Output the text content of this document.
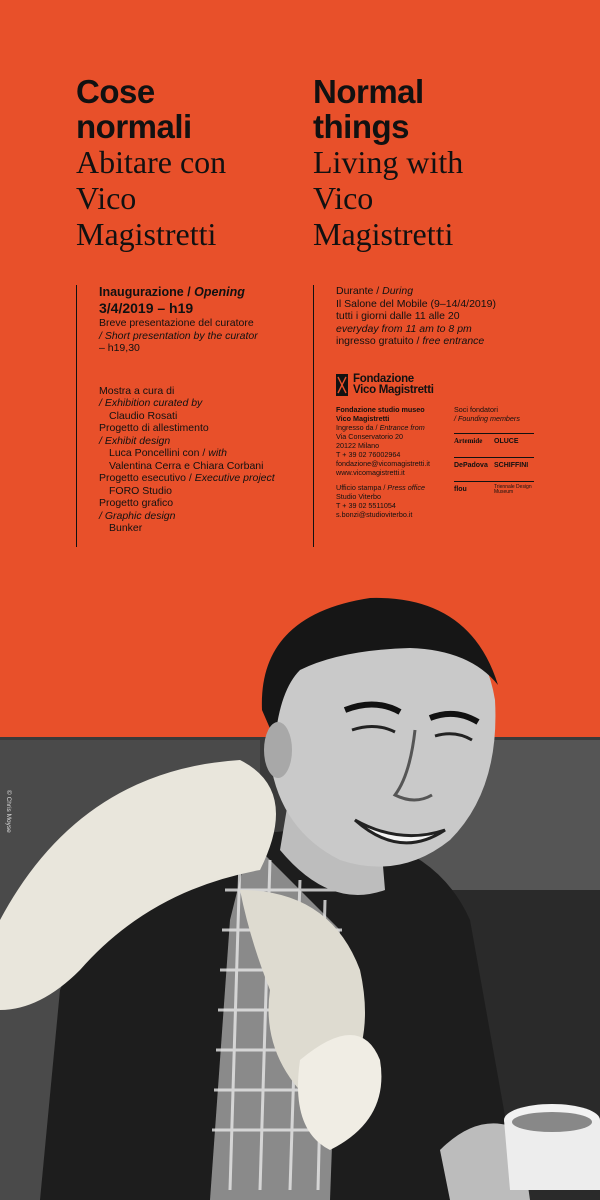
Cose
normali
Abitare con
Vico
Magistretti
Normal
things
Living with
Vico
Magistretti
Inaugurazione / Opening
3/4/2019 – h19
Breve presentazione del curatore
/ Short presentation by the curator
– h19,30
Mostra a cura di
/ Exhibition curated by
Claudio Rosati
Progetto di allestimento
/ Exhibit design
Luca Poncellini con / with
Valentina Cerra e Chiara Corbani
Progetto esecutivo / Executive project
FORO Studio
Progetto grafico
/ Graphic design
Bunker
Durante / During
Il Salone del Mobile (9–14/4/2019)
tutti i giorni dalle 11 alle 20
everyday from 11 am to 8 pm
ingresso gratuito / free entrance
Fondazione
Vico Magistretti
Fondazione studio museo
Vico Magistretti
Ingresso da / Entrance from
Via Conservatorio 20
20122 Milano
T + 39 02 76002964
fondazione@vicomagistretti.it
www.vicomagistretti.it
Ufficio stampa / Press office
Studio Viterbo
T + 39 02 5511054
s.bonzi@studioviterbo.it
Soci fondatori
/ Founding members
Artemide	OLUCE
DePadova SCHIFFINI
flou	Triennale Design Museum
© Chris Moyse
